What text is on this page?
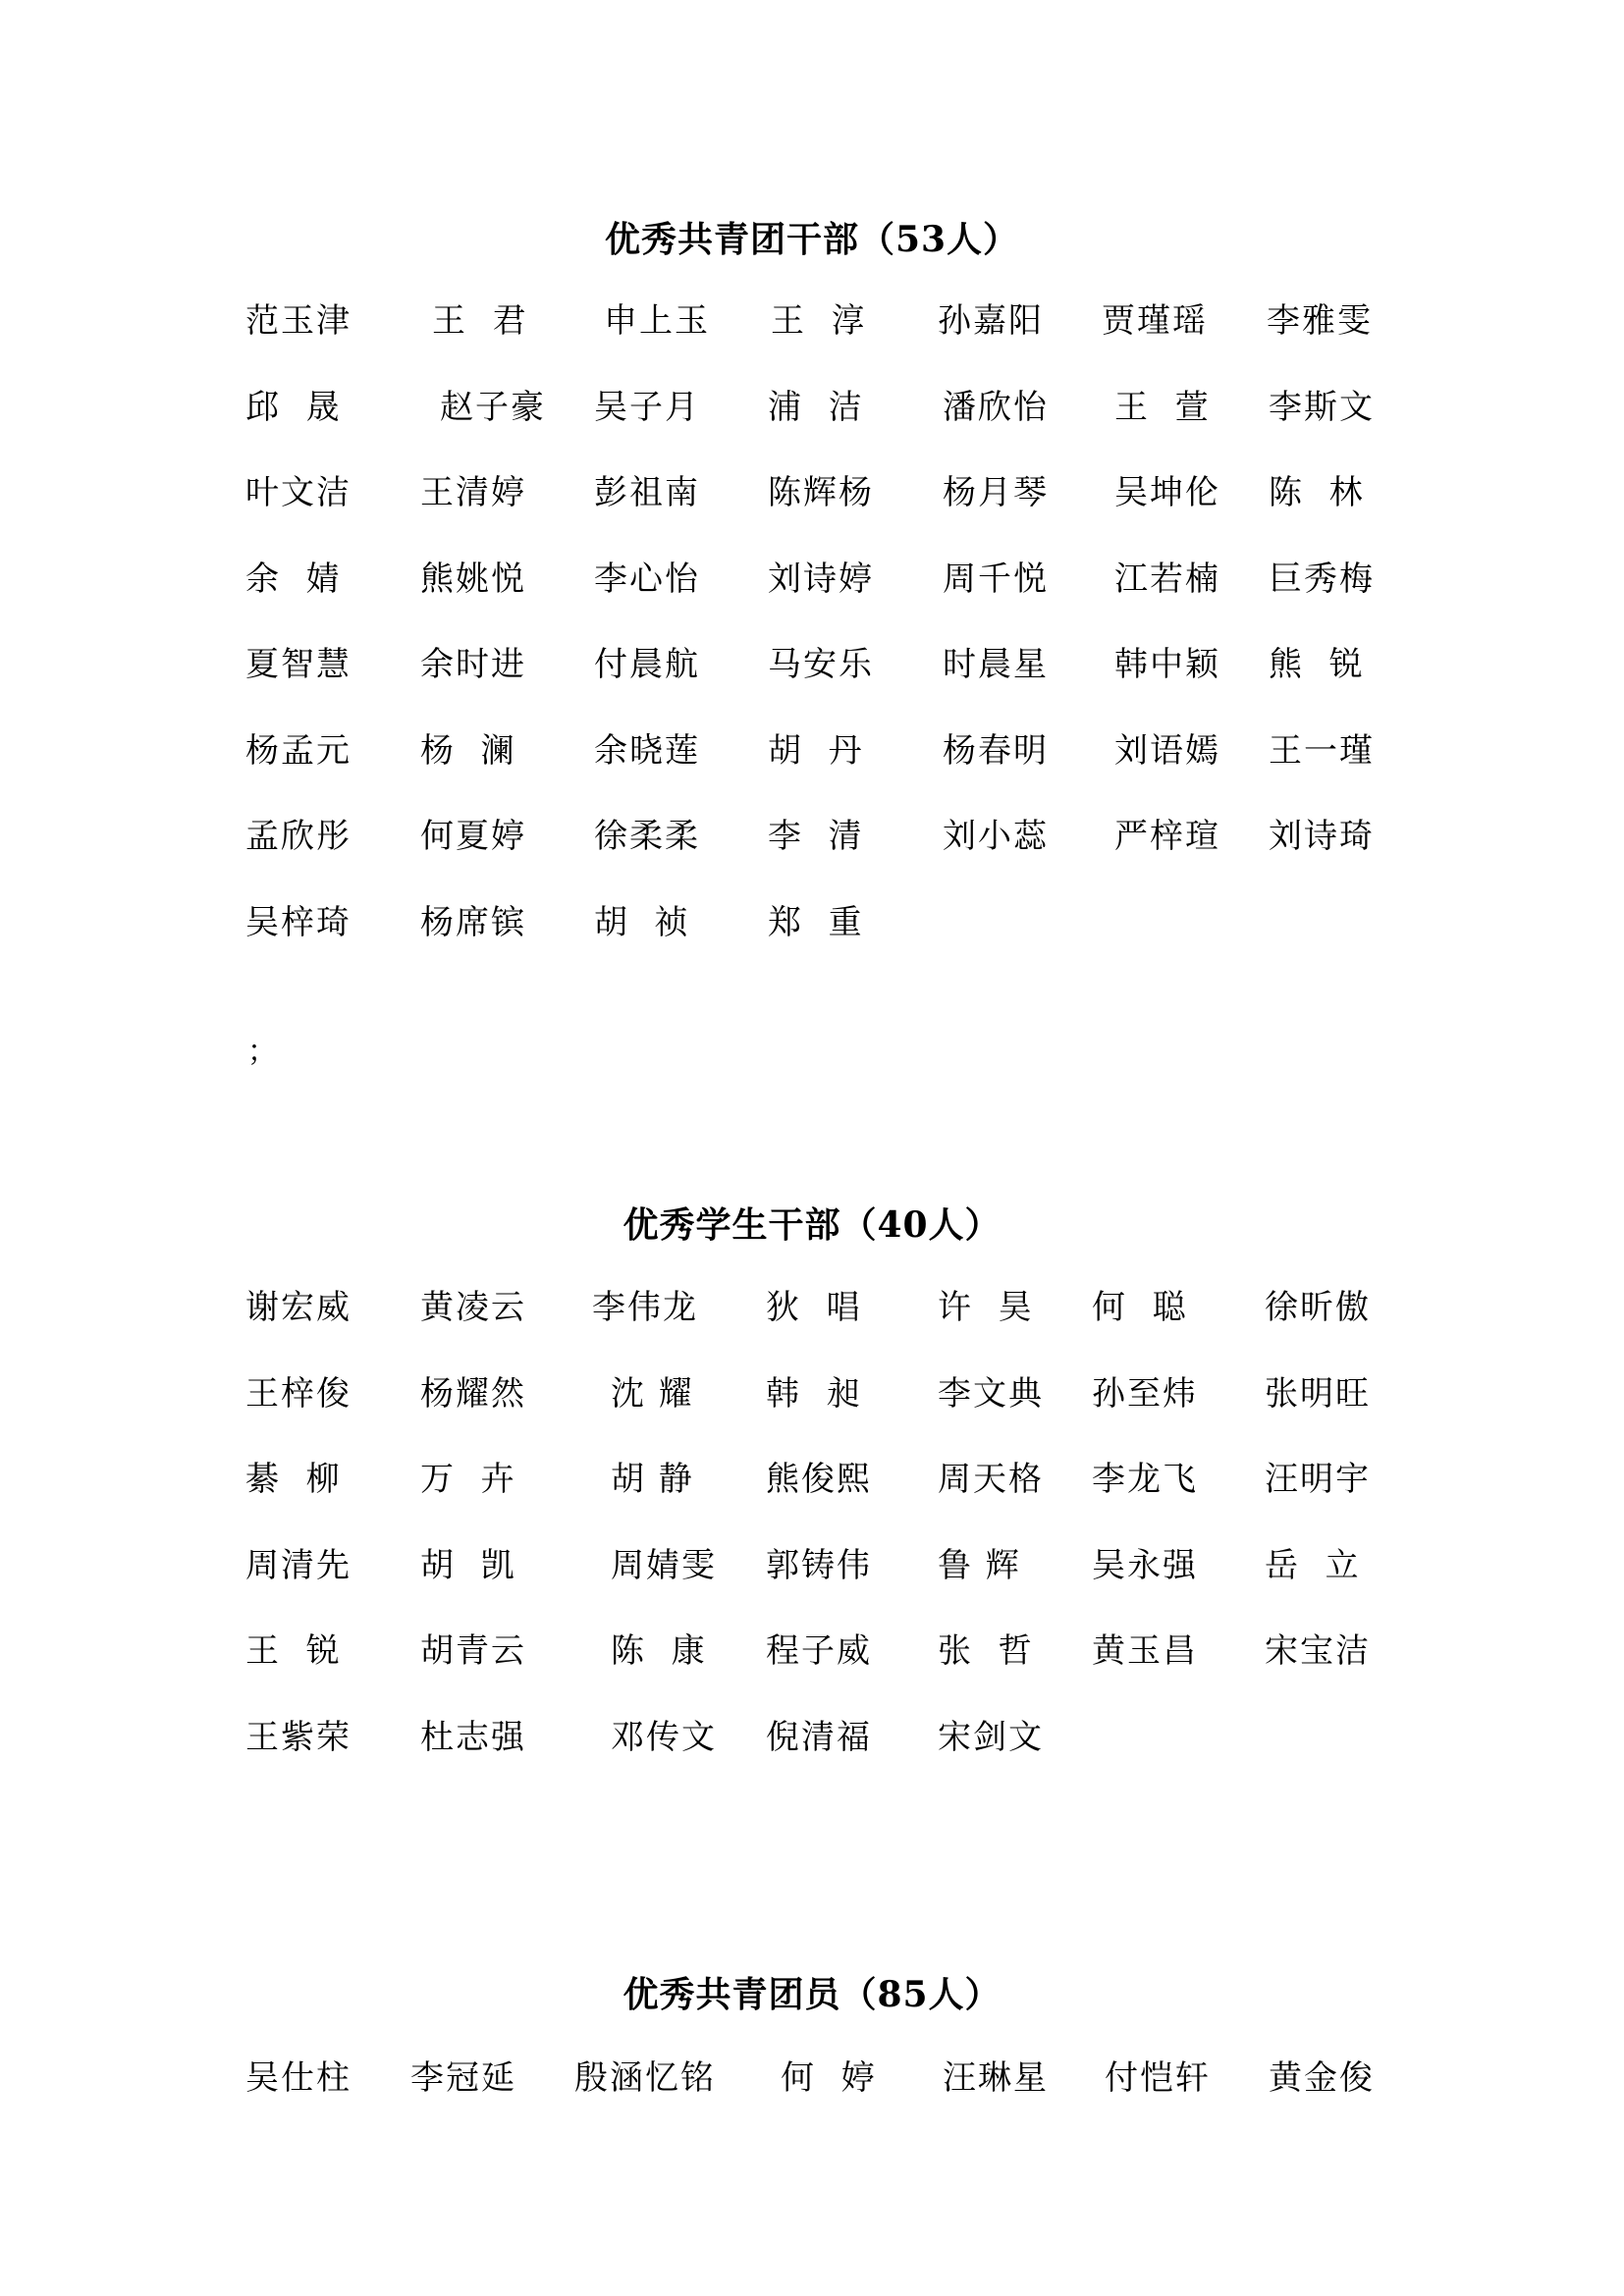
优秀共青团干部（53人）
范玉津 王  君 申上玉 王  淳 孙嘉阳 贾瑾瑶 李雅雯
邱  晟	赵子豪 吴子月 浦  洁 潘欣怡 王  萱 李斯文
叶文洁 王清婷 彭祖南 陈辉杨 杨月琴 吴坤伦 陈  林
余  婧 熊姚悦 李心怡 刘诗婷 周千悦 江若楠 巨秀梅
夏智慧 余时进 付晨航 马安乐 时晨星 韩中颖 熊  锐
杨孟元 杨  澜 余晓莲 胡  丹 杨春明 刘语嫣 王一瑾
孟欣彤 何夏婷 徐柔柔 李  清 刘小蕊 严梓瑄 刘诗琦
吴梓琦 杨席镔 胡  祯 郑  重
；
优秀学生干部（40人）
谢宏威 黄凌云 李伟龙 狄  唱 许  昊 何  聪 徐昕傲
王梓俊 杨耀然	沈 耀 韩  昶 李文典 孙至炜 张明旺
綦  柳 万  卉	胡 静 熊俊熙 周天格 李龙飞 汪明宇
周清先 胡  凯	周婧雯 郭铸伟 鲁 辉 吴永强 岳  立
王  锐 胡青云	陈  康 程子威 张  哲 黄玉昌 宋宝洁
王紫荣 杜志强	邓传文 倪清福 宋剑文
优秀共青团员（85人）
吴仕柱 李冠延 殷涵忆铭 何  婷 汪琳星 付恺轩 黄金俊
